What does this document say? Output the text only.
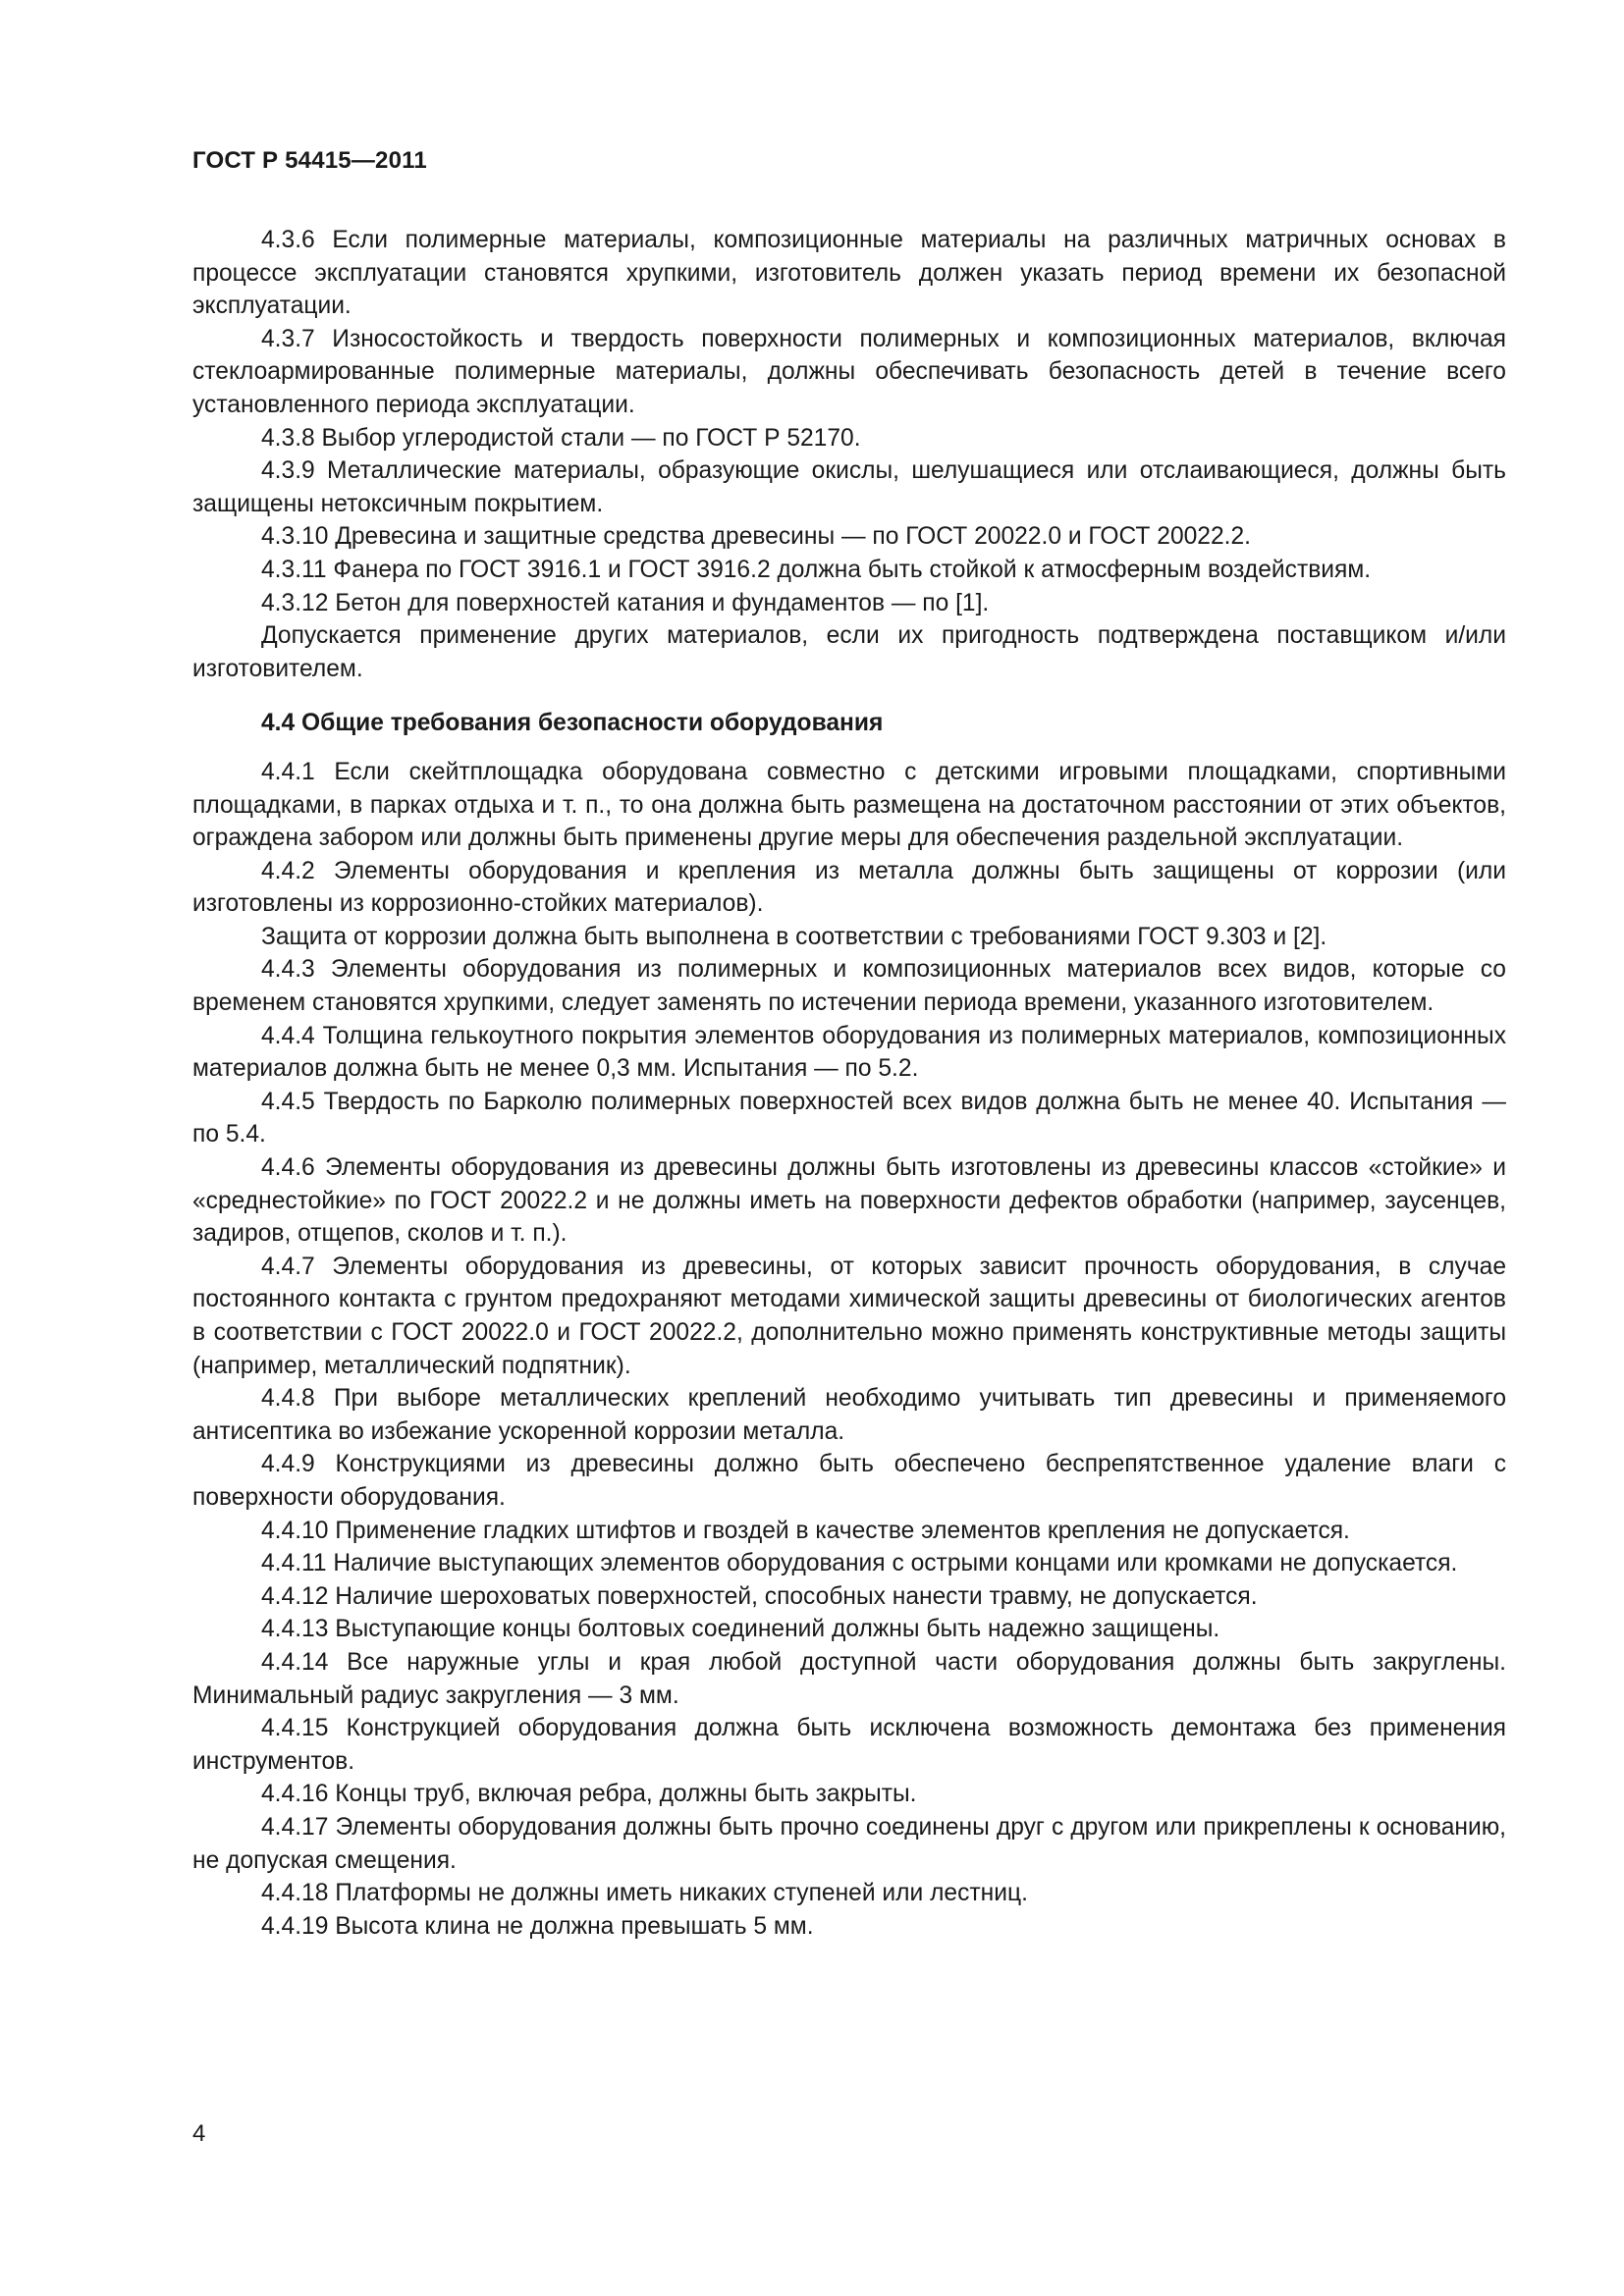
ГОСТ Р 54415—2011

4.3.6 Если полимерные материалы, композиционные материалы на различных матричных основах в процессе эксплуатации становятся хрупкими, изготовитель должен указать период времени их безопасной эксплуатации.

4.3.7 Износостойкость и твердость поверхности полимерных и композиционных материалов, включая стеклоармированные полимерные материалы, должны обеспечивать безопасность детей в течение всего установленного периода эксплуатации.

4.3.8 Выбор углеродистой стали — по ГОСТ Р 52170.

4.3.9 Металлические материалы, образующие окислы, шелушащиеся или отслаивающиеся, должны быть защищены нетоксичным покрытием.

4.3.10 Древесина и защитные средства древесины — по ГОСТ 20022.0 и ГОСТ 20022.2.

4.3.11 Фанера по ГОСТ 3916.1 и ГОСТ 3916.2 должна быть стойкой к атмосферным воздействиям.

4.3.12 Бетон для поверхностей катания и фундаментов — по [1].

Допускается применение других материалов, если их пригодность подтверждена поставщиком и/или изготовителем.

4.4 Общие требования безопасности оборудования

4.4.1 Если скейтплощадка оборудована совместно с детскими игровыми площадками, спортивными площадками, в парках отдыха и т. п., то она должна быть размещена на достаточном расстоянии от этих объектов, ограждена забором или должны быть применены другие меры для обеспечения раздельной эксплуатации.

4.4.2 Элементы оборудования и крепления из металла должны быть защищены от коррозии (или изготовлены из коррозионно-стойких материалов).

Защита от коррозии должна быть выполнена в соответствии с требованиями ГОСТ 9.303 и [2].

4.4.3 Элементы оборудования из полимерных и композиционных материалов всех видов, которые со временем становятся хрупкими, следует заменять по истечении периода времени, указанного изготовителем.

4.4.4 Толщина гелькоутного покрытия элементов оборудования из полимерных материалов, композиционных материалов должна быть не менее 0,3 мм. Испытания — по 5.2.

4.4.5 Твердость по Барколю полимерных поверхностей всех видов должна быть не менее 40. Испытания — по 5.4.

4.4.6 Элементы оборудования из древесины должны быть изготовлены из древесины классов «стойкие» и «среднестойкие» по ГОСТ 20022.2 и не должны иметь на поверхности дефектов обработки (например, заусенцев, задиров, отщепов, сколов и т. п.).

4.4.7 Элементы оборудования из древесины, от которых зависит прочность оборудования, в случае постоянного контакта с грунтом предохраняют методами химической защиты древесины от биологических агентов в соответствии с ГОСТ 20022.0 и ГОСТ 20022.2, дополнительно можно применять конструктивные методы защиты (например, металлический подпятник).

4.4.8 При выборе металлических креплений необходимо учитывать тип древесины и применяемого антисептика во избежание ускоренной коррозии металла.

4.4.9 Конструкциями из древесины должно быть обеспечено беспрепятственное удаление влаги с поверхности оборудования.

4.4.10 Применение гладких штифтов и гвоздей в качестве элементов крепления не допускается.

4.4.11 Наличие выступающих элементов оборудования с острыми концами или кромками не допускается.

4.4.12 Наличие шероховатых поверхностей, способных нанести травму, не допускается.

4.4.13 Выступающие концы болтовых соединений должны быть надежно защищены.

4.4.14 Все наружные углы и края любой доступной части оборудования должны быть закруглены. Минимальный радиус закругления — 3 мм.

4.4.15 Конструкцией оборудования должна быть исключена возможность демонтажа без применения инструментов.

4.4.16 Концы труб, включая ребра, должны быть закрыты.

4.4.17 Элементы оборудования должны быть прочно соединены друг с другом или прикреплены к основанию, не допуская смещения.

4.4.18 Платформы не должны иметь никаких ступеней или лестниц.

4.4.19 Высота клина не должна превышать 5 мм.

4
